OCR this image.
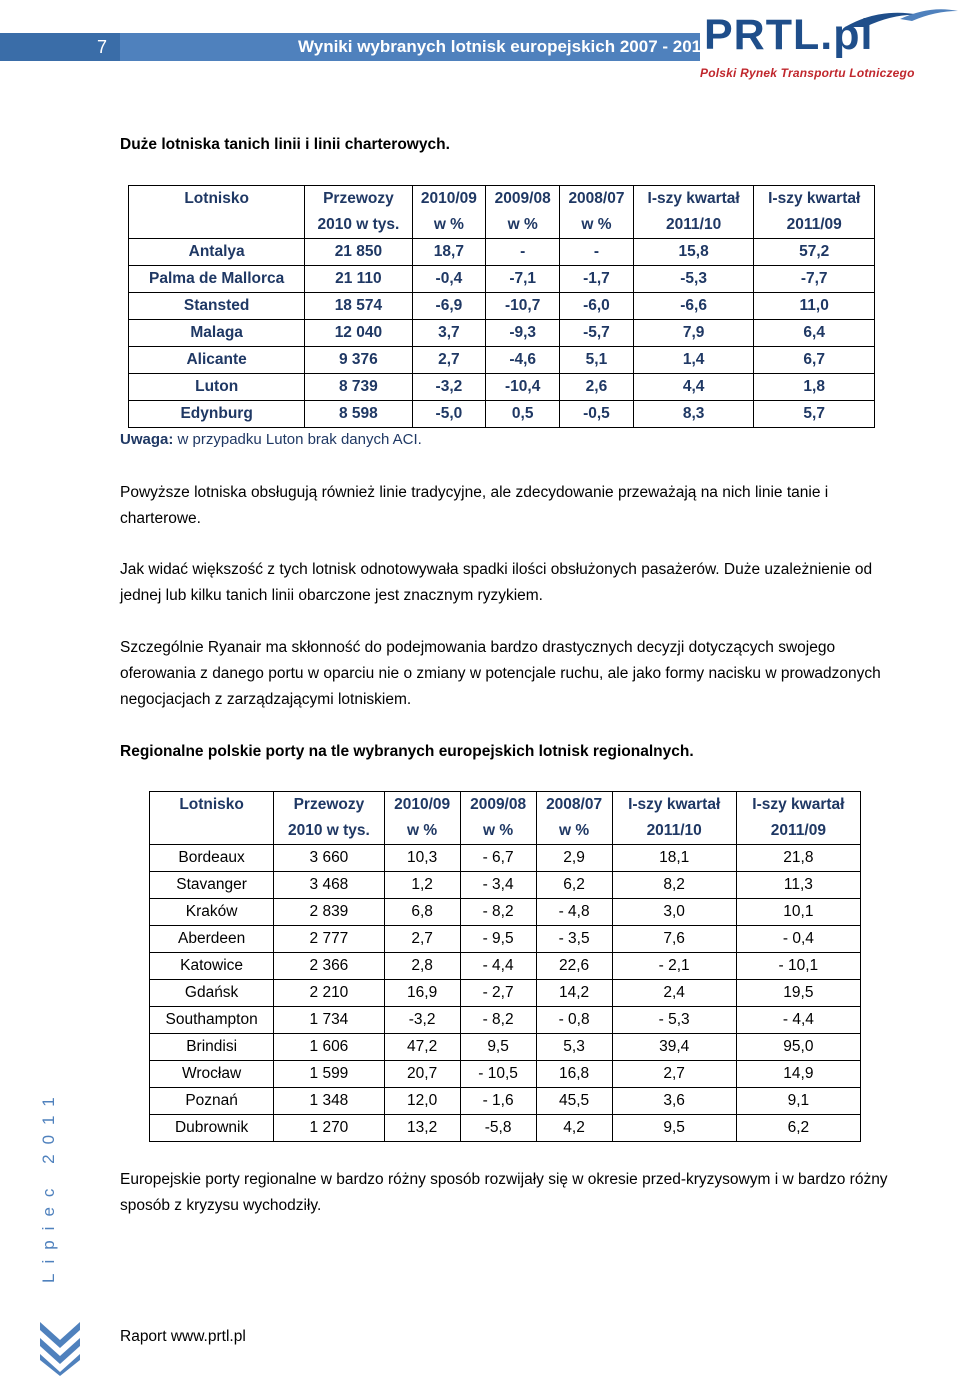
7	Wyniki wybranych lotnisk europejskich 2007 - 2010
PRTL.pl
Polski Rynek Transportu Lotniczego
Duże lotniska tanich linii i linii charterowych.
Lotnisko	Przewozy	2010/09	2009/08	2008/07	I-szy kwartał	I-szy kwartał
	2010 w tys.	w %	w %	w %	2011/10	2011/09
Antalya	21 850	18,7	-	-	15,8	57,2
Palma de Mallorca	21 110	-0,4	-7,1	-1,7	-5,3	-7,7
Stansted	18 574	-6,9	-10,7	-6,0	-6,6	11,0
Malaga	12 040	3,7	-9,3	-5,7	7,9	6,4
Alicante	9 376	2,7	-4,6	5,1	1,4	6,7
Luton	8 739	-3,2	-10,4	2,6	4,4	1,8
Edynburg	8 598	-5,0	0,5	-0,5	8,3	5,7
Uwaga: w przypadku Luton brak danych ACI.
Powyższe lotniska obsługują również linie tradycyjne, ale zdecydowanie przeważają na nich linie tanie i charterowe.
Jak widać większość z tych lotnisk odnotowywała spadki ilości obsłużonych pasażerów. Duże uzależnienie od jednej lub kilku tanich linii obarczone jest znacznym ryzykiem.
Szczególnie Ryanair ma skłonność do podejmowania bardzo drastycznych decyzji dotyczących swojego oferowania z danego portu w oparciu nie o zmiany w potencjale ruchu, ale jako formy nacisku w prowadzonych negocjacjach z zarządzającymi lotniskiem.
Regionalne polskie porty na tle wybranych europejskich lotnisk regionalnych.
Lotnisko	Przewozy	2010/09	2009/08	2008/07	I-szy kwartał	I-szy kwartał
	2010 w tys.	w %	w %	w %	2011/10	2011/09
Bordeaux	3 660	10,3	- 6,7	2,9	18,1	21,8
Stavanger	3 468	1,2	- 3,4	6,2	8,2	11,3
Kraków	2 839	6,8	- 8,2	- 4,8	3,0	10,1
Aberdeen	2 777	2,7	- 9,5	- 3,5	7,6	- 0,4
Katowice	2 366	2,8	- 4,4	22,6	- 2,1	- 10,1
Gdańsk	2 210	16,9	- 2,7	14,2	2,4	19,5
Southampton	1 734	-3,2	- 8,2	- 0,8	- 5,3	- 4,4
Brindisi	1 606	47,2	9,5	5,3	39,4	95,0
Wrocław	1 599	20,7	- 10,5	16,8	2,7	14,9
Poznań	1 348	12,0	- 1,6	45,5	3,6	9,1
Dubrownik	1 270	13,2	-5,8	4,2	9,5	6,2
Europejskie porty regionalne w bardzo różny sposób rozwijały się w okresie przed-kryzysowym i w bardzo różny sposób z kryzysu wychodziły.
Lipiec 2011
Raport www.prtl.pl
